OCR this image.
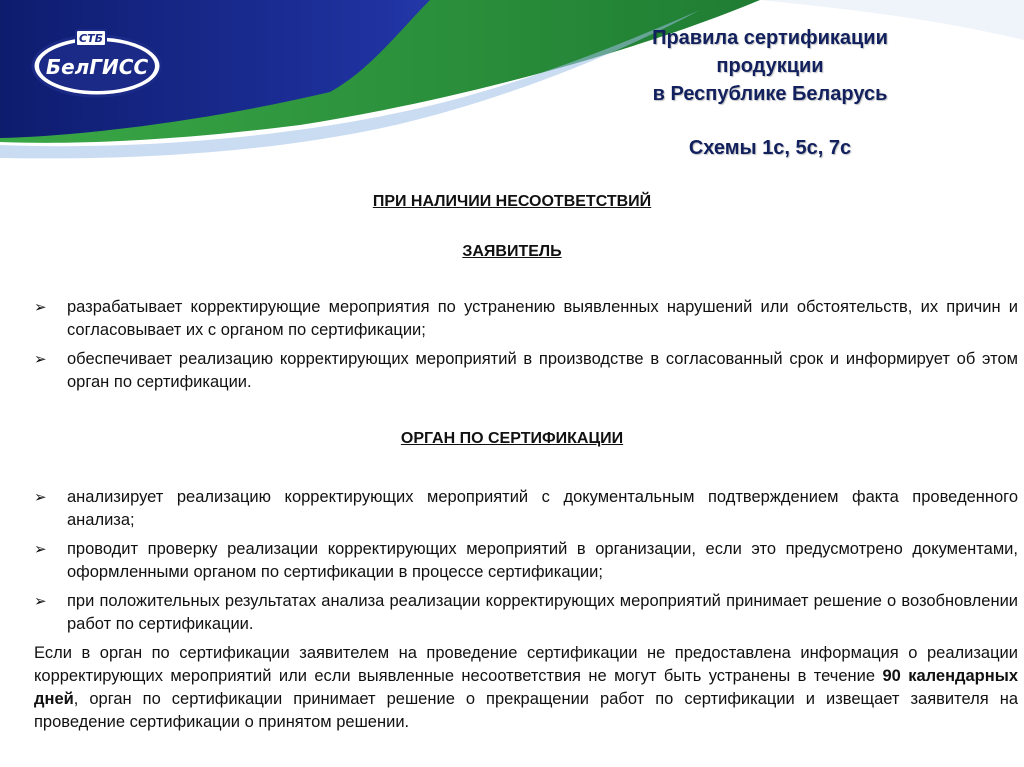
СТБ
БелГИСС
Правила сертификации
продукции
в Республике Беларусь
Схемы 1с, 5с, 7с
ПРИ НАЛИЧИИ НЕСООТВЕТСТВИЙ
ЗАЯВИТЕЛЬ
➢ разрабатывает корректирующие мероприятия по устранению выявленных нарушений или обстоятельств, их причин и согласовывает их с органом по сертификации;
➢ обеспечивает реализацию корректирующих мероприятий в производстве в согласованный срок и информирует об этом орган по сертификации.
ОРГАН ПО СЕРТИФИКАЦИИ
➢ анализирует реализацию корректирующих мероприятий с документальным подтверждением факта проведенного анализа;
➢ проводит проверку реализации корректирующих мероприятий в организации, если это предусмотрено документами, оформленными органом по сертификации в процессе сертификации;
➢ при положительных результатах анализа реализации корректирующих мероприятий принимает решение о возобновлении работ по сертификации.
Если в орган по сертификации заявителем на проведение сертификации не предоставлена информация о реализации корректирующих мероприятий или если выявленные несоответствия не могут быть устранены в течение 90 календарных дней, орган по сертификации принимает решение о прекращении работ по сертификации и извещает заявителя на проведение сертификации о принятом решении.
